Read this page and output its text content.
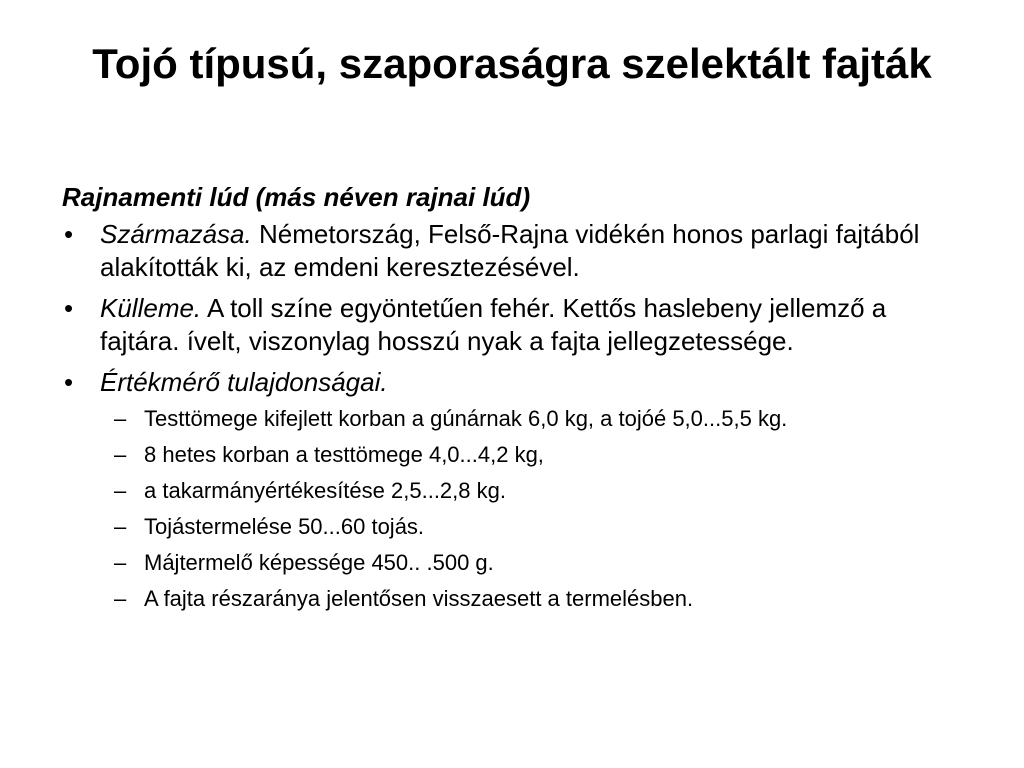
Tojó típusú, szaporaságra szelektált fajták

Rajnamenti lúd (más néven rajnai lúd)

•	Származása. Németország, Felső-Rajna vidékén honos parlagi fajtából alakították ki, az emdeni keresztezésével.
•	Külleme. A toll színe egyöntetűen fehér. Kettős haslebeny jellemző a fajtára. ívelt, viszonylag hosszú nyak a fajta jellegzetessége.
•	Értékmérő tulajdonságai.
– Testtömege kifejlett korban a gúnárnak 6,0 kg, a tojóé 5,0...5,5 kg.
– 8 hetes korban a testtömege 4,0...4,2 kg,
– a takarmányértékesítése 2,5...2,8 kg.
– Tojástermelése 50...60 tojás.
– Májtermelő képessége 450.. .500 g.
– A fajta részaránya jelentősen visszaesett a termelésben.
